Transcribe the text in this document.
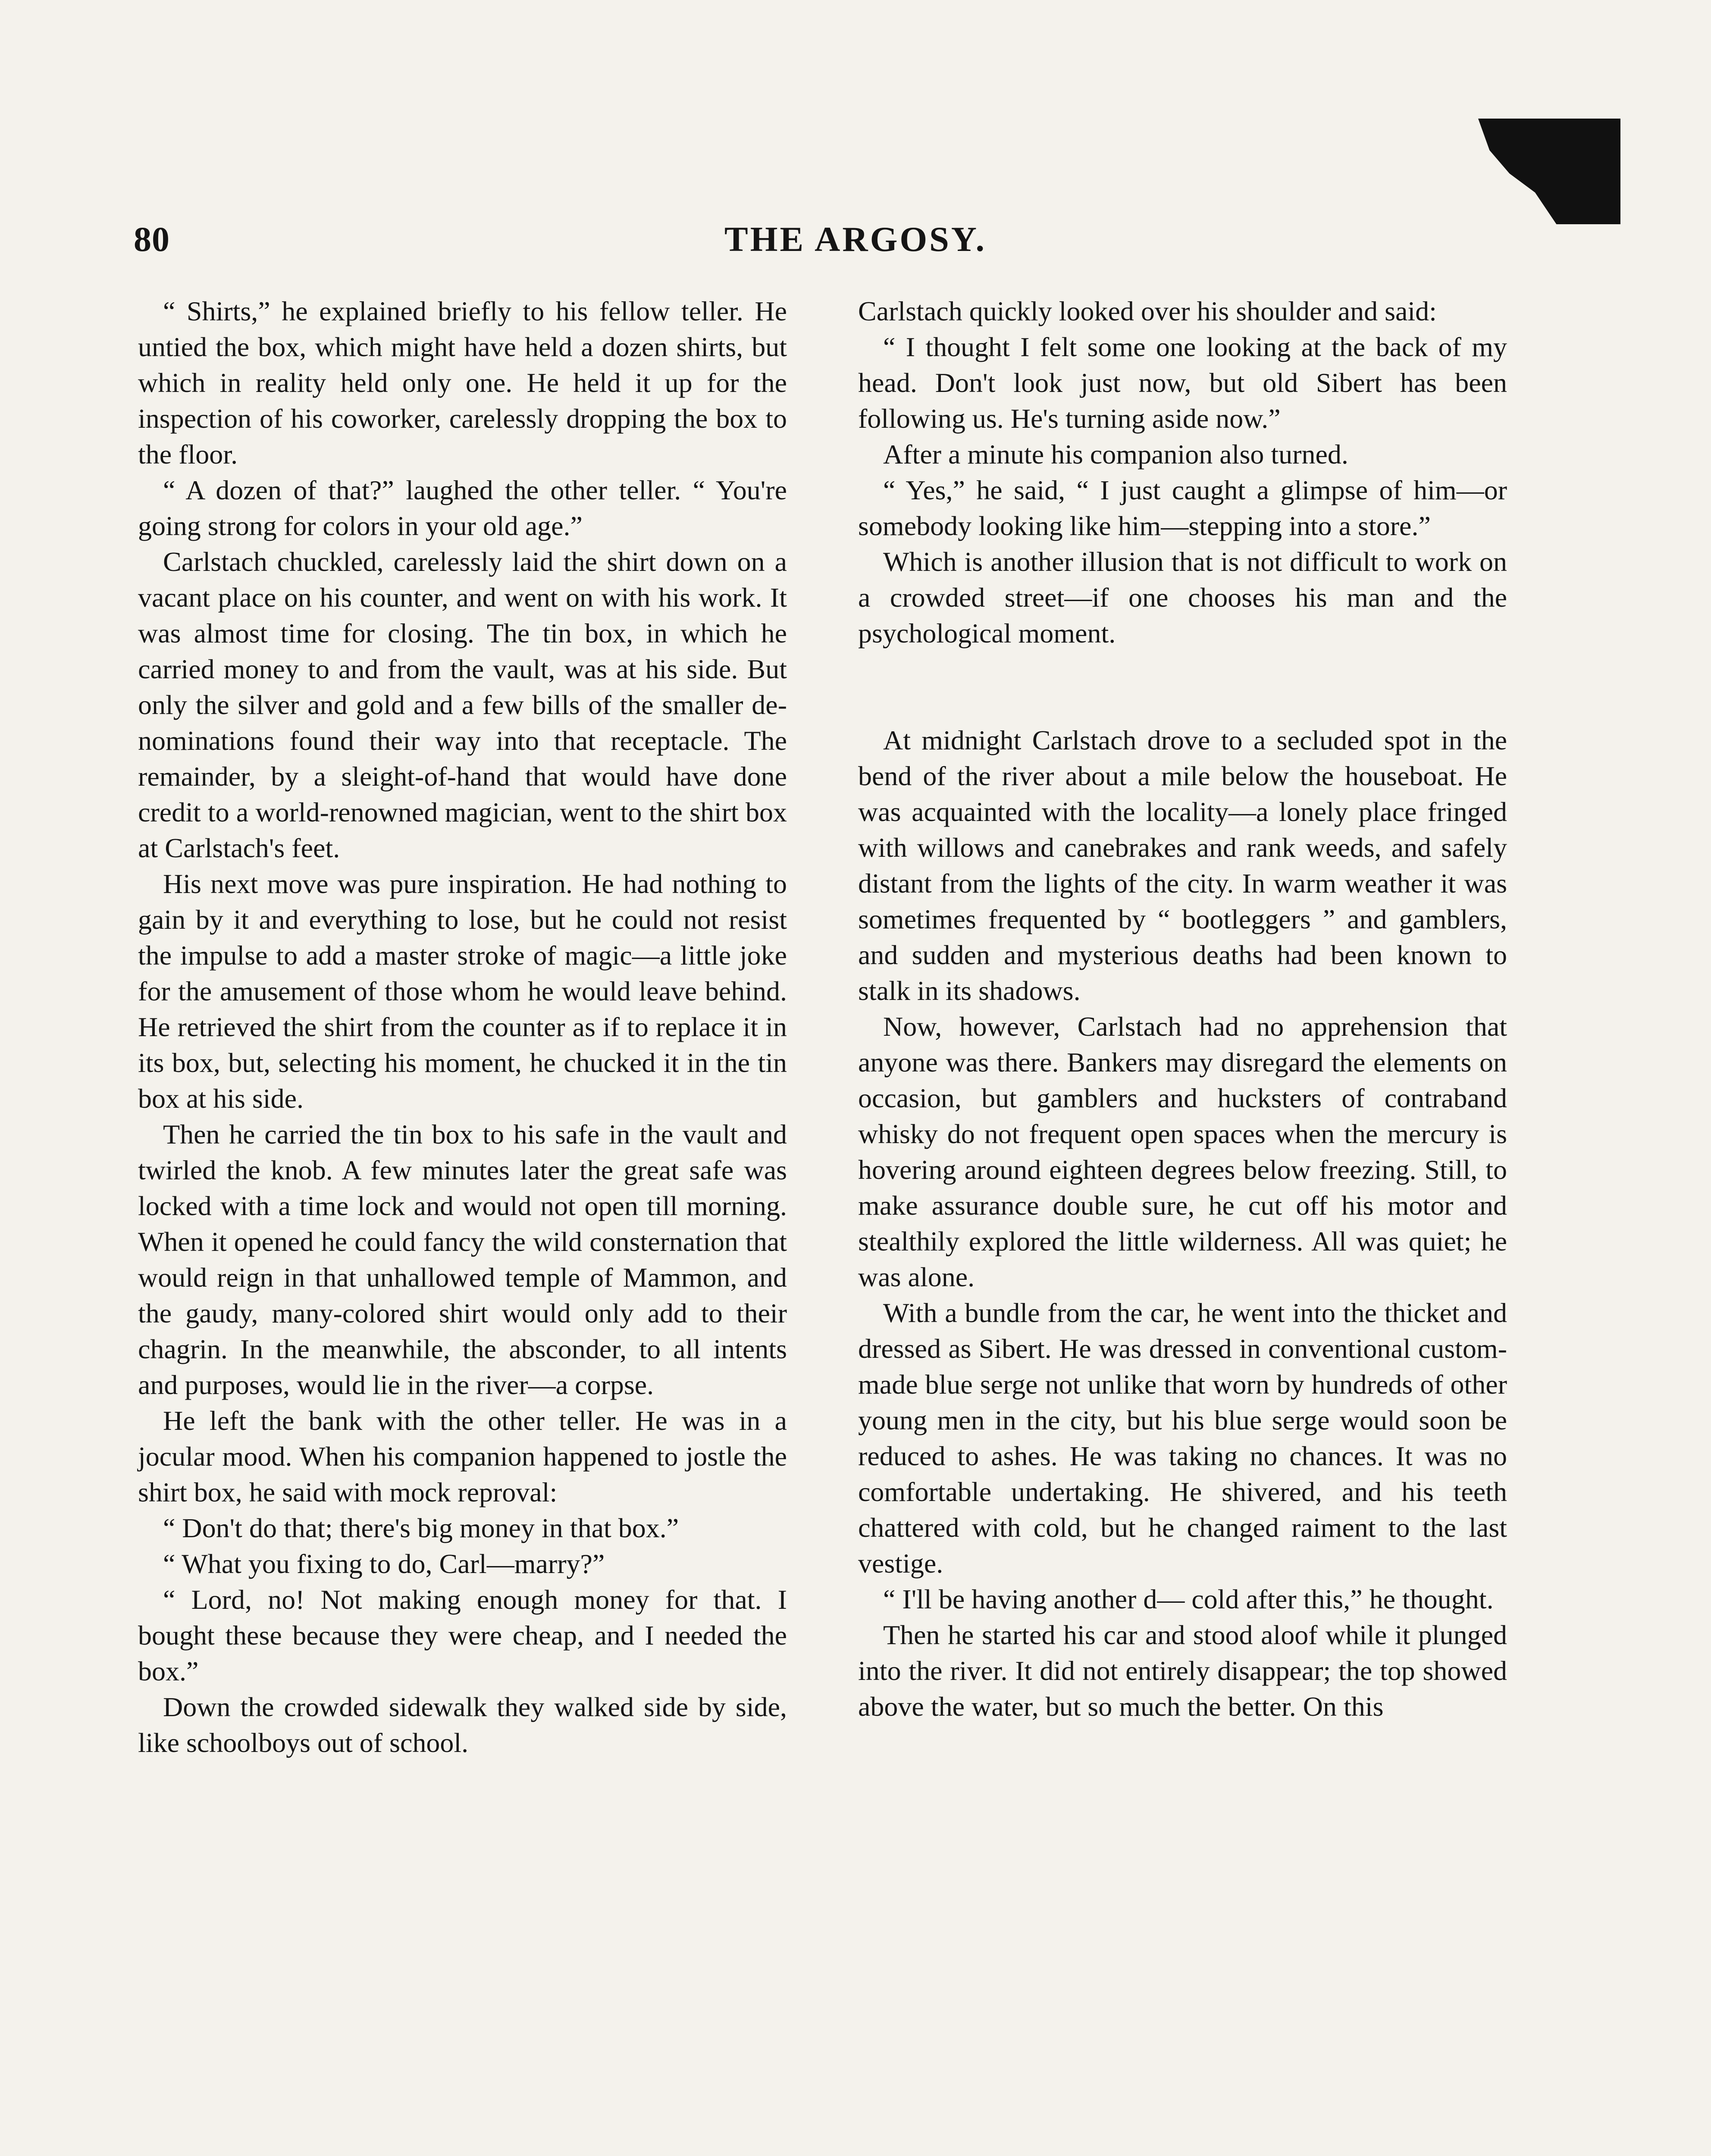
80	THE ARGOSY.

“ Shirts,” he explained briefly to his fellow teller. He untied the box, which might have held a dozen shirts, but which in reality held only one. He held it up for the inspection of his coworker, carelessly dropping the box to the floor.

“ A dozen of that?” laughed the other teller. “ You're going strong for colors in your old age.”

Carlstach chuckled, carelessly laid the shirt down on a vacant place on his counter, and went on with his work. It was almost time for closing. The tin box, in which he carried money to and from the vault, was at his side. But only the silver and gold and a few bills of the smaller denominations found their way into that receptacle. The remainder, by a sleight-of-hand that would have done credit to a world-renowned magician, went to the shirt box at Carlstach's feet.

His next move was pure inspiration. He had nothing to gain by it and everything to lose, but he could not resist the impulse to add a master stroke of magic—a little joke for the amusement of those whom he would leave behind. He retrieved the shirt from the counter as if to replace it in its box, but, selecting his moment, he chucked it in the tin box at his side.

Then he carried the tin box to his safe in the vault and twirled the knob. A few minutes later the great safe was locked with a time lock and would not open till morning. When it opened he could fancy the wild consternation that would reign in that unhallowed temple of Mammon, and the gaudy, many-colored shirt would only add to their chagrin. In the meanwhile, the absconder, to all intents and purposes, would lie in the river—a corpse.

He left the bank with the other teller. He was in a jocular mood. When his companion happened to jostle the shirt box, he said with mock reproval:

“ Don't do that; there's big money in that box.”

“ What you fixing to do, Carl—marry?”

“ Lord, no! Not making enough money for that. I bought these because they were cheap, and I needed the box.”

Down the crowded sidewalk they walked side by side, like schoolboys out of school.

Carlstach quickly looked over his shoulder and said:

“ I thought I felt some one looking at the back of my head. Don't look just now, but old Sibert has been following us. He's turning aside now.”

After a minute his companion also turned.

“ Yes,” he said, “ I just caught a glimpse of him—or somebody looking like him—stepping into a store.”

Which is another illusion that is not difficult to work on a crowded street—if one chooses his man and the psychological moment.

At midnight Carlstach drove to a secluded spot in the bend of the river about a mile below the houseboat. He was acquainted with the locality—a lonely place fringed with willows and canebrakes and rank weeds, and safely distant from the lights of the city. In warm weather it was sometimes frequented by “ bootleggers ” and gamblers, and sudden and mysterious deaths had been known to stalk in its shadows.

Now, however, Carlstach had no apprehension that anyone was there. Bankers may disregard the elements on occasion, but gamblers and hucksters of contraband whisky do not frequent open spaces when the mercury is hovering around eighteen degrees below freezing. Still, to make assurance double sure, he cut off his motor and stealthily explored the little wilderness. All was quiet; he was alone.

With a bundle from the car, he went into the thicket and dressed as Sibert. He was dressed in conventional custom-made blue serge not unlike that worn by hundreds of other young men in the city, but his blue serge would soon be reduced to ashes. He was taking no chances. It was no comfortable undertaking. He shivered, and his teeth chattered with cold, but he changed raiment to the last vestige.

“ I'll be having another d— cold after this,” he thought.

Then he started his car and stood aloof while it plunged into the river. It did not entirely disappear; the top showed above the water, but so much the better. On this
